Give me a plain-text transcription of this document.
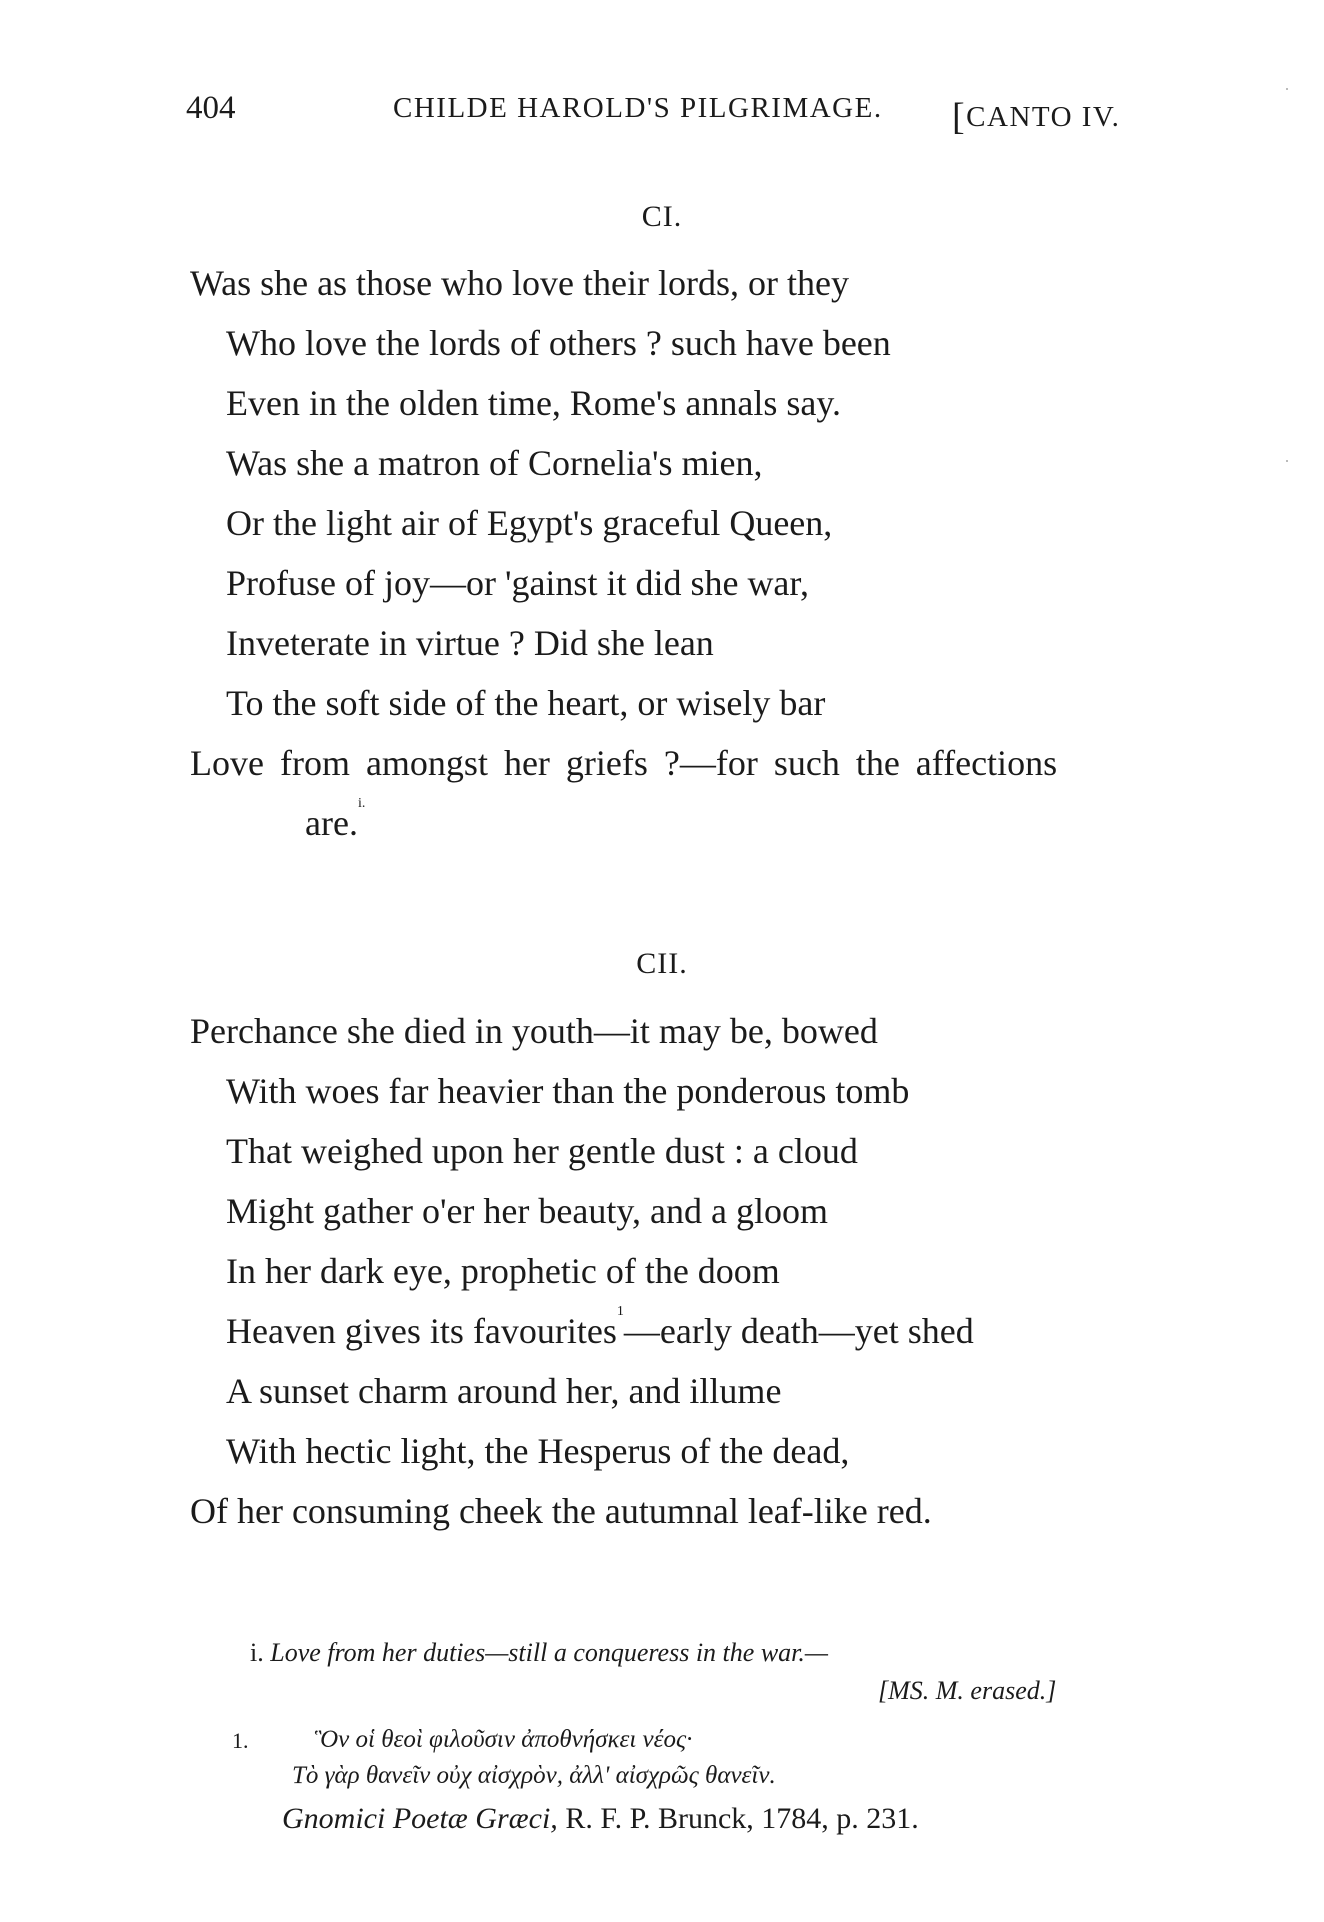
404	CHILDE HAROLD'S PILGRIMAGE. [CANTO IV.
CI.
Was she as those who love their lords, or they
Who love the lords of others ? such have been
Even in the olden time, Rome's annals say.
Was she a matron of Cornelia's mien,
Or the light air of Egypt's graceful Queen,
Profuse of joy—or 'gainst it did she war,
Inveterate in virtue ? Did she lean
To the soft side of the heart, or wisely bar
Love from amongst her griefs ?—for such the affections
are.$^{i.}$
CII.
Perchance she died in youth—it may be, bowed
With woes far heavier than the ponderous tomb
That weighed upon her gentle dust : a cloud
Might gather o'er her beauty, and a gloom
In her dark eye, prophetic of the doom
Heaven gives its favourites$^1$—early death—yet shed
A sunset charm around her, and illume
With hectic light, the Hesperus of the dead,
Of her consuming cheek the autumnal leaf-like red.
i. Love from her duties—still a conqueress in the war.—
[MS. M. erased.]
1.	Ὃν οἱ θεοὶ φιλοῦσιν ἀποθνήσκει νέος·
Τὸ γὰρ θανεῖν οὐχ αἰσχρὸν, ἀλλ' αἰσχρῶς θανεῖν.
Gnomici Poetæ Græci, R. F. P. Brunck, 1784, p. 231.
